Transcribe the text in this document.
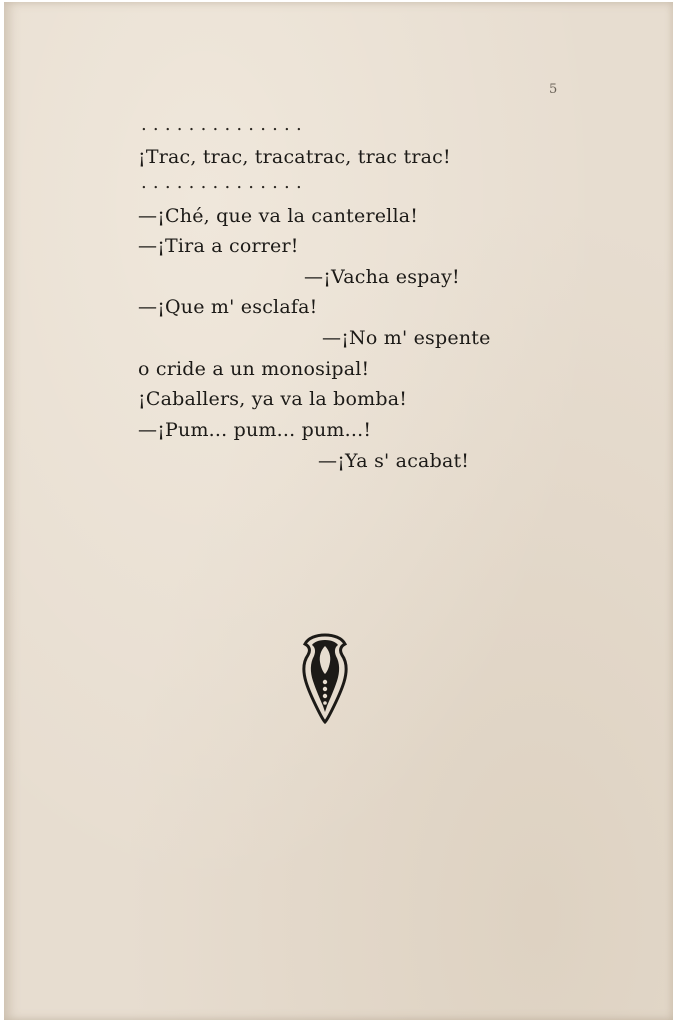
5
..............
¡Trac, trac, tracatrac, trac trac!
..............
—¡Ché, que va la canterella!
—¡Tira a correr!
—¡Vacha espay!
—¡Que m' esclafa!
—¡No m' espente
o cride a un monosipal!
¡Caballers, ya va la bomba!
—¡Pum... pum... pum...!
—¡Ya s' acabat!
